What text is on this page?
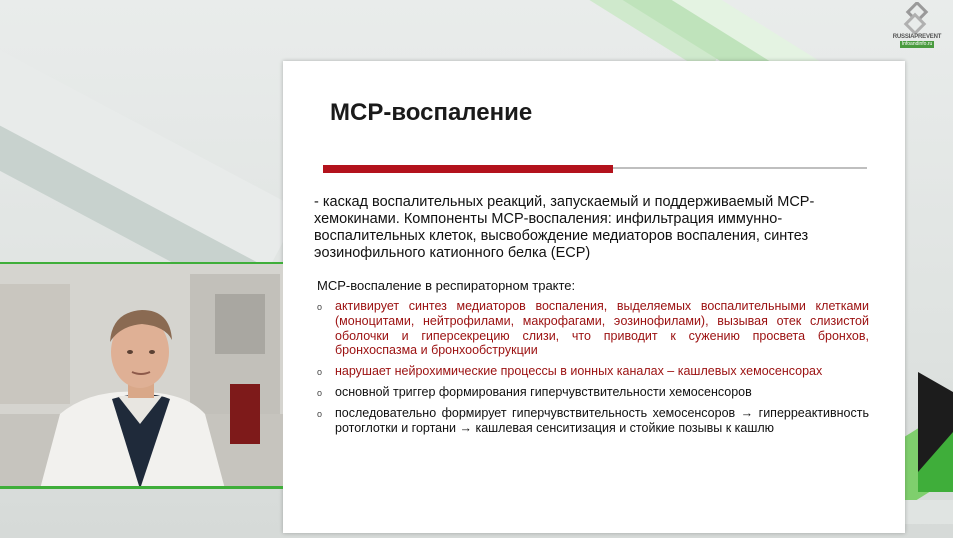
RUSSIAPREVENT
Infoandinfo.ru
MCP-воспаление
- каскад воспалительных реакций, запускаемый и поддерживаемый MCP-хемокинами. Компоненты MCP-воспаления: инфильтрация иммунно-воспалительных клеток, высвобождение медиаторов воспаления, синтез эозинофильного катионного белка (ECP)
MCP-воспаление в респираторном тракте:
o активирует синтез медиаторов воспаления, выделяемых воспалительными клетками (моноцитами, нейтрофилами, макрофагами, эозинофилами), вызывая отек слизистой оболочки и гиперсекрецию слизи, что приводит к сужению просвета бронхов, бронхоспазма и бронхообструкции
o нарушает нейрохимические процессы в ионных каналах – кашлевых хемосенсорах
o основной триггер формирования гиперчувствительности хемосенсоров
o последовательно формирует гиперчувствительность хемосенсоров → гиперреактивность ротоглотки и гортани → кашлевая сенситизация и стойкие позывы к кашлю
